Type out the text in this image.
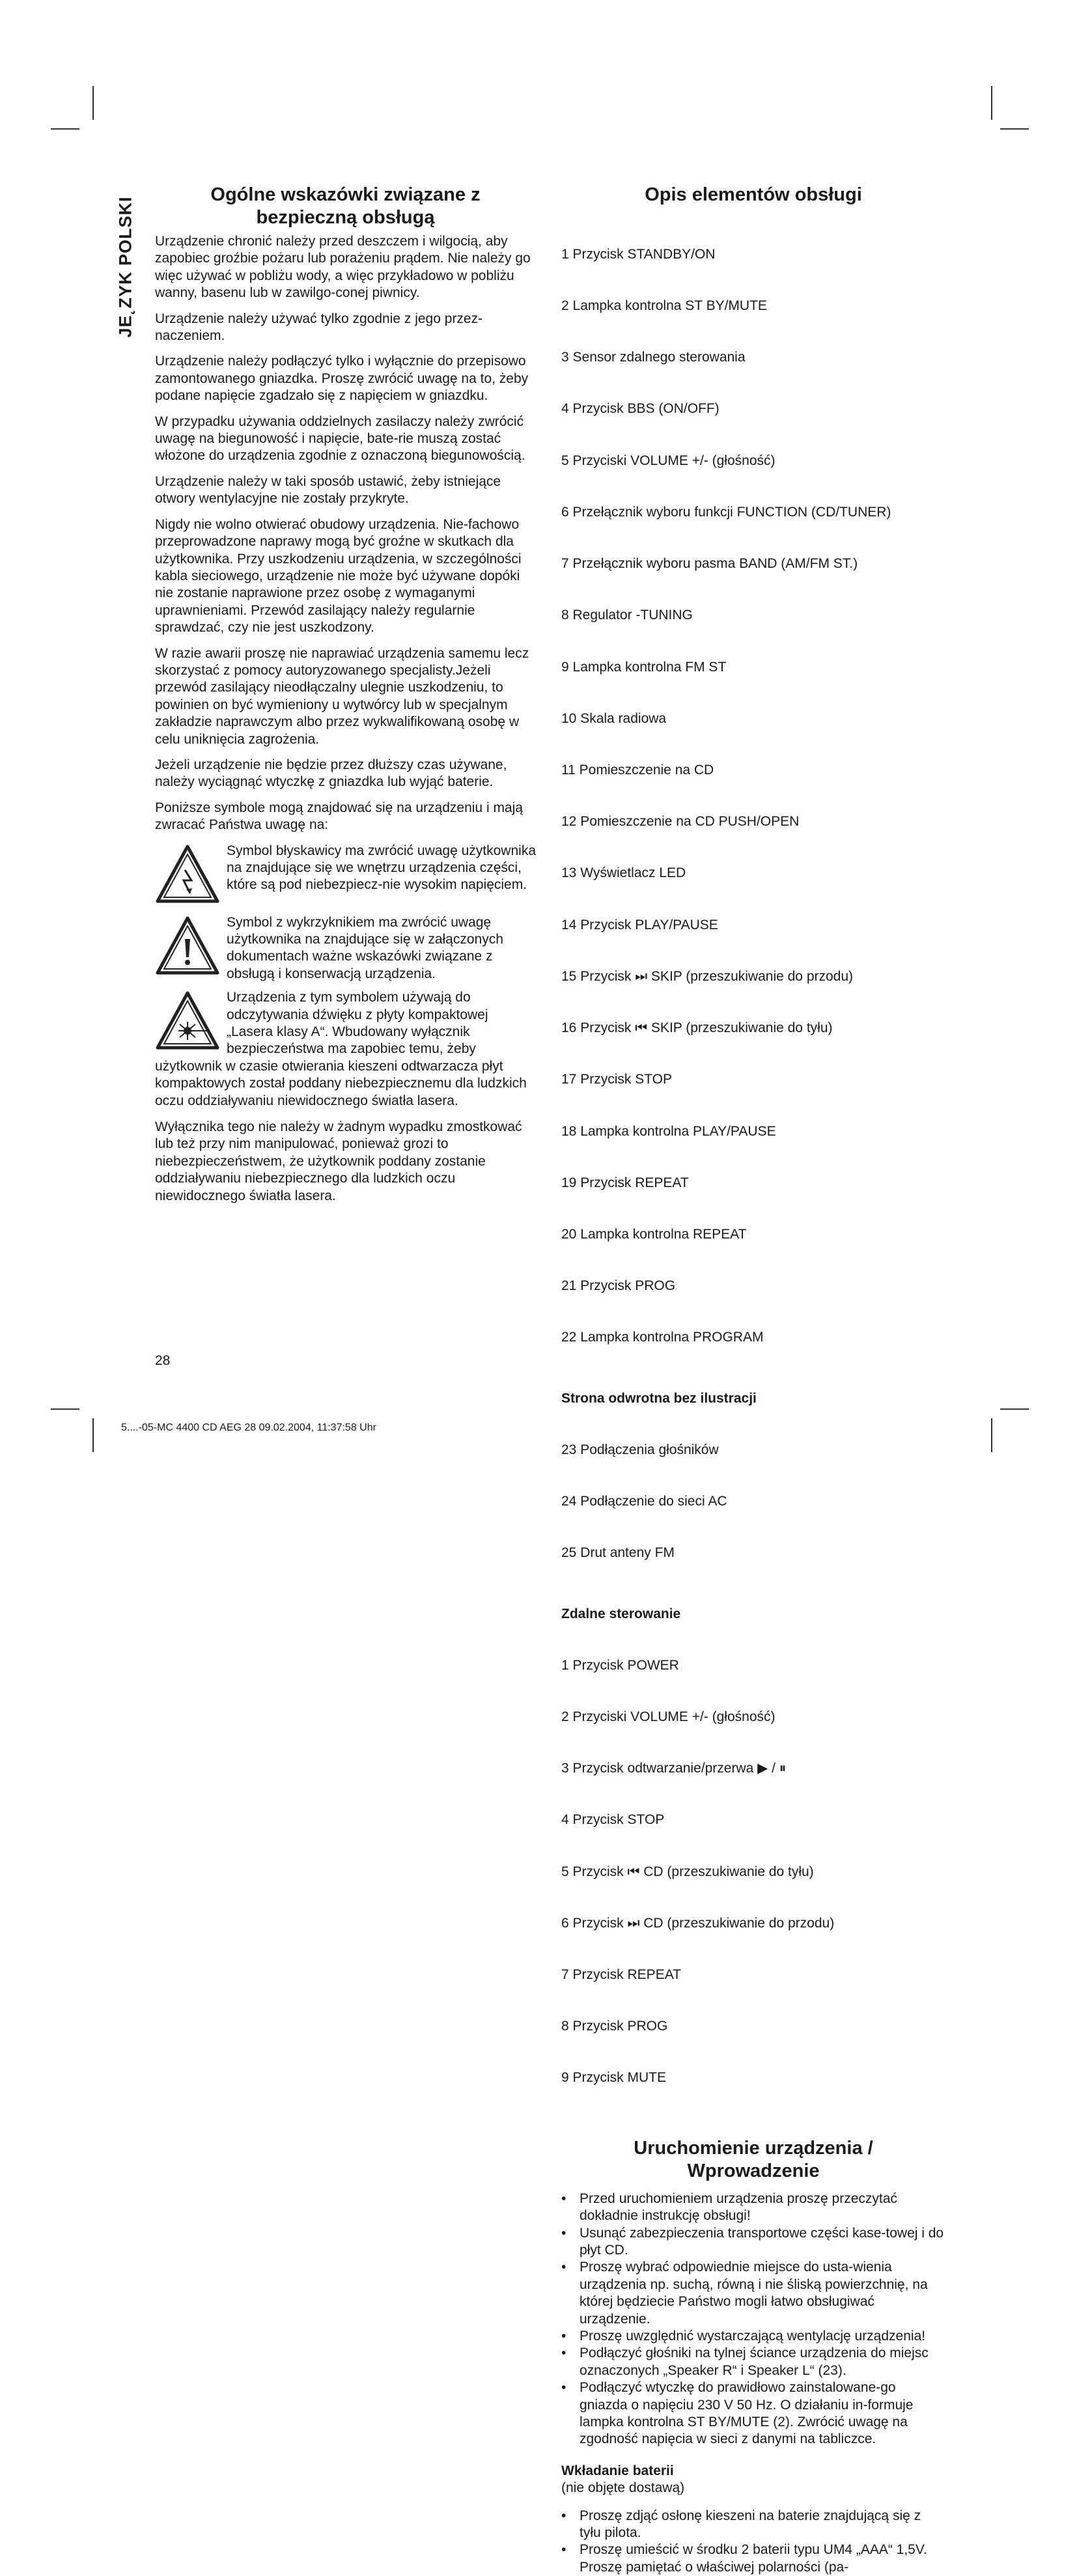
JE˛ZYK POLSKI
Ogólne wskazówki związane z
bezpieczną obsługą

Urządzenie chronić należy przed deszczem i wilgocią, aby zapobiec groźbie pożaru lub porażeniu prądem. Nie należy go więc używać w pobliżu wody, a więc przykładowo w pobliżu wanny, basenu lub w zawilgo-conej piwnicy.

Urządzenie należy używać tylko zgodnie z jego przez-naczeniem.

Urządzenie należy podłączyć tylko i wyłącznie do przepisowo zamontowanego gniazdka. Proszę zwrócić uwagę na to, żeby podane napięcie zgadzało się z napięciem w gniazdku.

W przypadku używania oddzielnych zasilaczy należy zwrócić uwagę na biegunowość i napięcie, bate-rie muszą zostać włożone do urządzenia zgodnie z oznaczoną biegunowością.

Urządzenie należy w taki sposób ustawić, żeby istniejące otwory wentylacyjne nie zostały przykryte.

Nigdy nie wolno otwierać obudowy urządzenia. Nie-fachowo przeprowadzone naprawy mogą być groźne w skutkach dla użytkownika. Przy uszkodzeniu urządzenia, w szczególności kabla sieciowego, urządzenie nie może być używane dopóki nie zostanie naprawione przez osobę z wymaganymi uprawnieniami. Przewód zasilający należy regularnie sprawdzać, czy nie jest uszkodzony.

W razie awarii proszę nie naprawiać urządzenia samemu lecz skorzystać z pomocy autoryzowanego specjalisty.Jeżeli przewód zasilający nieodłączalny ulegnie uszkodzeniu, to powinien on być wymieniony u wytwórcy lub w specjalnym zakładzie naprawczym albo przez wykwalifikowaną osobę w celu uniknięcia zagrożenia.

Jeżeli urządzenie nie będzie przez dłuższy czas używane, należy wyciągnąć wtyczkę z gniazdka lub wyjąć baterie.

Poniższe symbole mogą znajdować się na urządzeniu i mają zwracać Państwa uwagę na:

Symbol błyskawicy ma zwrócić uwagę użytkownika na znajdujące się we wnętrzu urządzenia części, które są pod niebezpiecz-nie wysokim napięciem.
Symbol z wykrzyknikiem ma zwrócić uwagę użytkownika na znajdujące się w załączonych dokumentach ważne wskazówki związane z obsługą i konserwacją urządzenia.
Urządzenia z tym symbolem używają do odczytywania dźwięku z płyty kompaktowej „Lasera klasy A“. Wbudowany wyłącznik bezpieczeństwa ma zapobiec temu, żeby użytkownik w czasie otwierania kieszeni odtwarzacza płyt kompaktowych został poddany niebezpiecznemu dla ludzkich oczu oddziaływaniu niewidocznego światła lasera.

Wyłącznika tego nie należy w żadnym wypadku zmostkować lub też przy nim manipulować, ponieważ grozi to niebezpieczeństwem, że użytkownik poddany zostanie oddziaływaniu niebezpiecznego dla ludzkich oczu niewidocznego światła lasera.

Opis elementów obsługi

1 Przycisk STANDBY/ON

2 Lampka kontrolna ST BY/MUTE

3 Sensor zdalnego sterowania

4 Przycisk BBS (ON/OFF)

5 Przyciski VOLUME +/- (głośność)

6 Przełącznik wyboru funkcji FUNCTION (CD/TUNER)

7 Przełącznik wyboru pasma BAND (AM/FM ST.)

8 Regulator -TUNING

9 Lampka kontrolna FM ST

10 Skala radiowa

11 Pomieszczenie na CD

12 Pomieszczenie na CD PUSH/OPEN

13 Wyświetlacz LED

14 Przycisk PLAY/PAUSE

15 Przycisk ⏭ SKIP (przeszukiwanie do przodu)

16 Przycisk ⏮ SKIP (przeszukiwanie do tyłu)

17 Przycisk STOP

18 Lampka kontrolna PLAY/PAUSE

19 Przycisk REPEAT

20 Lampka kontrolna REPEAT

21 Przycisk PROG

22 Lampka kontrolna PROGRAM

Strona odwrotna bez ilustracji

23 Podłączenia głośników

24 Podłączenie do sieci AC

25 Drut anteny FM

Zdalne sterowanie

1 Przycisk POWER

2 Przyciski VOLUME +/- (głośność)

3 Przycisk odtwarzanie/przerwa ▶ / ⏸

4 Przycisk STOP

5 Przycisk ⏮ CD (przeszukiwanie do tyłu)

6 Przycisk ⏭ CD (przeszukiwanie do przodu)

7 Przycisk REPEAT

8 Przycisk PROG

9 Przycisk MUTE

Uruchomienie urządzenia /
Wprowadzenie
• Przed uruchomieniem urządzenia proszę przeczytać dokładnie instrukcję obsługi!
• Usunąć zabezpieczenia transportowe części kase-towej i do płyt CD.
• Proszę wybrać odpowiednie miejsce do usta-wienia urządzenia np. suchą, równą i nie śliską powierzchnię, na której będziecie Państwo mogli łatwo obsługiwać urządzenie.
• Proszę uwzględnić wystarczającą wentylację urządzenia!
• Podłączyć głośniki na tylnej ściance urządzenia do miejsc oznaczonych „Speaker R“ i Speaker L“ (23).
• Podłączyć wtyczkę do prawidłowo zainstalowane-go gniazda o napięciu 230 V 50 Hz. O działaniu in-formuje lampka kontrolna ST BY/MUTE (2). Zwrócić uwagę na zgodność napięcia w sieci z danymi na tabliczce.
Wkładanie baterii
(nie objęte dostawą)
• Proszę zdjąć osłonę kieszeni na baterie znajdującą się z tyłu pilota.
• Proszę umieścić w środku 2 baterii typu UM4 „AAA“ 1,5V. Proszę pamiętać o właściwej polarności (pa-
28
5....-05-MC 4400 CD AEG 28 09.02.2004, 11:37:58 Uhr
